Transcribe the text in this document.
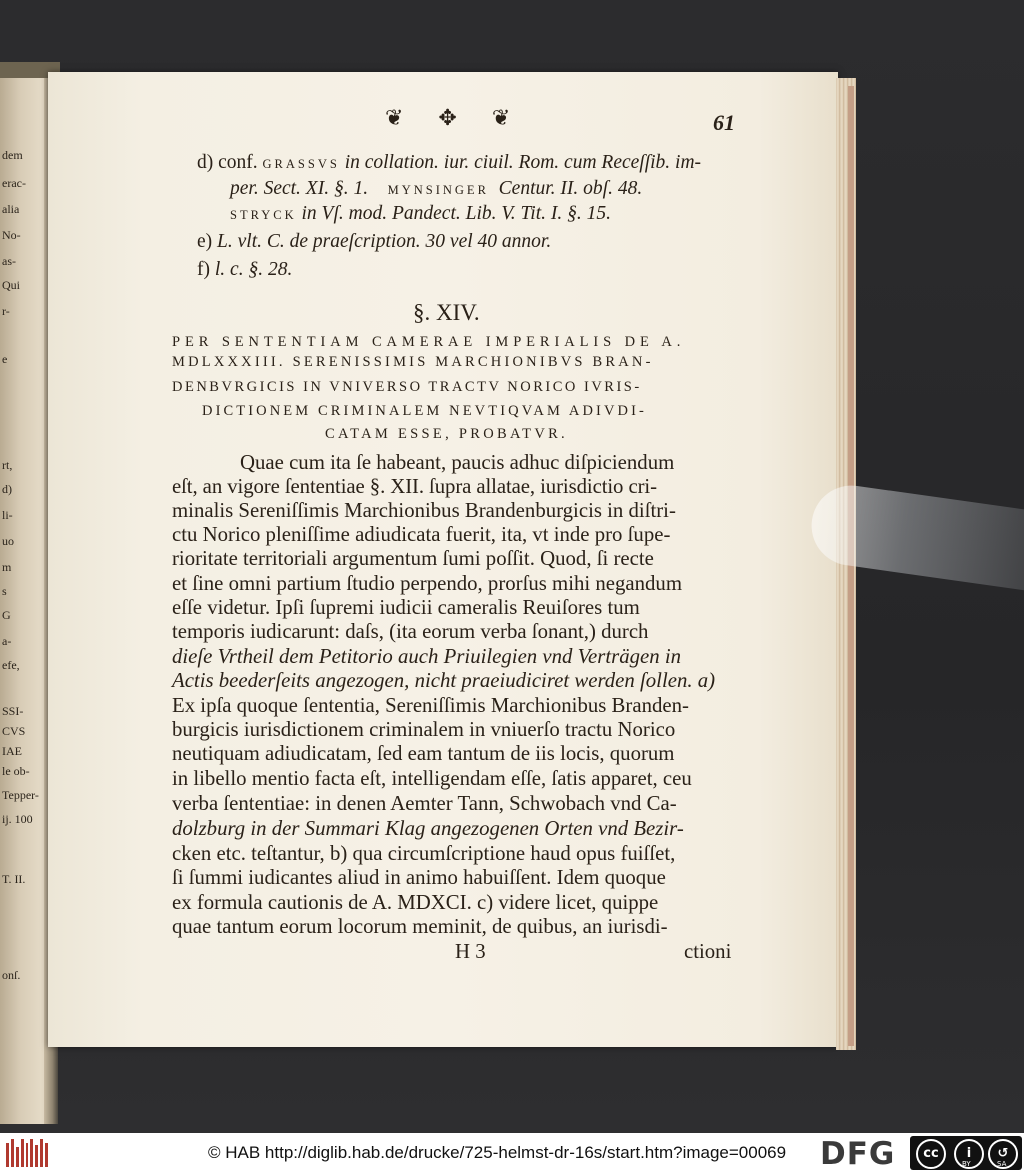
dem
erac-
alia
No-
as-
Qui
r-
e
rt,
d)
li-
uo
m
s
G
a-
efe,
SSI-
CVS
IAE
le ob-
Tepper-
ij. 100
T. II.
onſ.
❦ ✥ ❦	61
d) conf. GRASSVS in collation. iur. ciuil. Rom. cum Receſſib. im-
per. Sect. XI. §. 1. MYNSINGER Centur. II. obſ. 48.
STRYCK in Vſ. mod. Pandect. Lib. V. Tit. I. §. 15.
e) L. vlt. C. de praeſcription. 30 vel 40 annor.
f) l. c. §. 28.
§. XIV.
PER SENTENTIAM CAMERAE IMPERIALIS DE A.
MDLXXXIII. SERENISSIMIS MARCHIONIBVS BRAN-
DENBVRGICIS IN VNIVERSO TRACTV NORICO IVRIS-
DICTIONEM CRIMINALEM NEVTIQVAM ADIVDI-
CATAM ESSE, PROBATVR.
Quae cum ita ſe habeant, paucis adhuc diſpiciendum
eſt, an vigore ſententiae §. XII. ſupra allatae, iurisdictio cri-
minalis Sereniſſimis Marchionibus Brandenburgicis in diſtri-
ctu Norico pleniſſime adiudicata fuerit, ita, vt inde pro ſupe-
rioritate territoriali argumentum ſumi poſſit. Quod, ſi recte
et ſine omni partium ſtudio perpendo, prorſus mihi negandum
eſſe videtur. Ipſi ſupremi iudicii cameralis Reuiſores tum
temporis iudicarunt: daſs, (ita eorum verba ſonant,) durch
dieſe Vrtheil dem Petitorio auch Priuilegien vnd Verträgen in
Actis beederſeits angezogen, nicht praeiudiciret werden ſollen. a)
Ex ipſa quoque ſententia, Sereniſſimis Marchionibus Branden-
burgicis iurisdictionem criminalem in vniuerſo tractu Norico
neutiquam adiudicatam, ſed eam tantum de iis locis, quorum
in libello mentio facta eſt, intelligendam eſſe, ſatis apparet, ceu
verba ſententiae: in denen Aemter Tann, Schwobach vnd Ca-
dolzburg in der Summari Klag angezogenen Orten vnd Bezir-
cken etc. teſtantur, b) qua circumſcriptione haud opus fuiſſet,
ſi ſummi iudicantes aliud in animo habuiſſent. Idem quoque
ex formula cautionis de A. MDXCI. c) videre licet, quippe
quae tantum eorum locorum meminit, de quibus, an iurisdi-
H 3	ctioni
© HAB http://diglib.hab.de/drucke/725-helmst-dr-16s/start.htm?image=00069 DFG	cc	i	↺
BY	SA
